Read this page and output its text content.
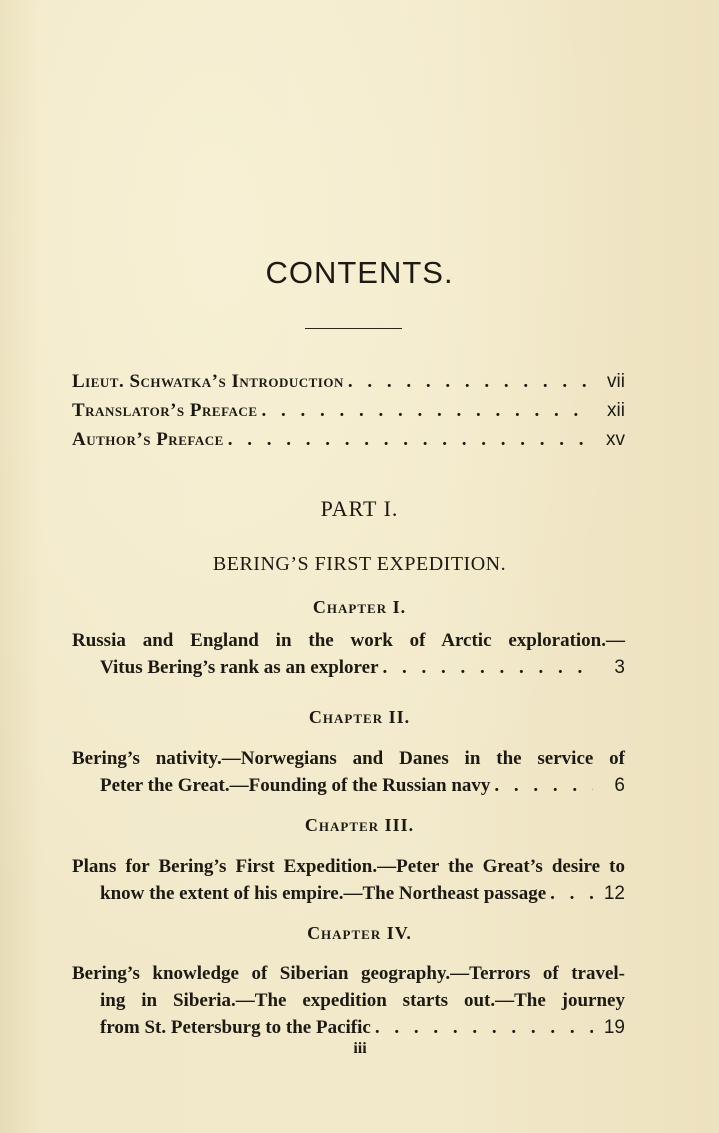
CONTENTS.
Lieut. Schwatka’s Introduction . . .	vii
Translator’s Preface . . .	xii
Author’s Preface . . .	xv
PART I.
BERING’S FIRST EXPEDITION.
Chapter I.
Russia and England in the work of Arctic exploration.—
Vitus Bering’s rank as an explorer . . .	3
Chapter II.
Bering’s nativity.—Norwegians and Danes in the service of
Peter the Great.—Founding of the Russian navy . . .	6
Chapter III.
Plans for Bering’s First Expedition.—Peter the Great’s desire to
know the extent of his empire.—The Northeast passage . . .	12
Chapter IV.
Bering’s knowledge of Siberian geography.—Terrors of travel-
ing in Siberia.—The expedition starts out.—The journey
from St. Petersburg to the Pacific . . .	19
iii
